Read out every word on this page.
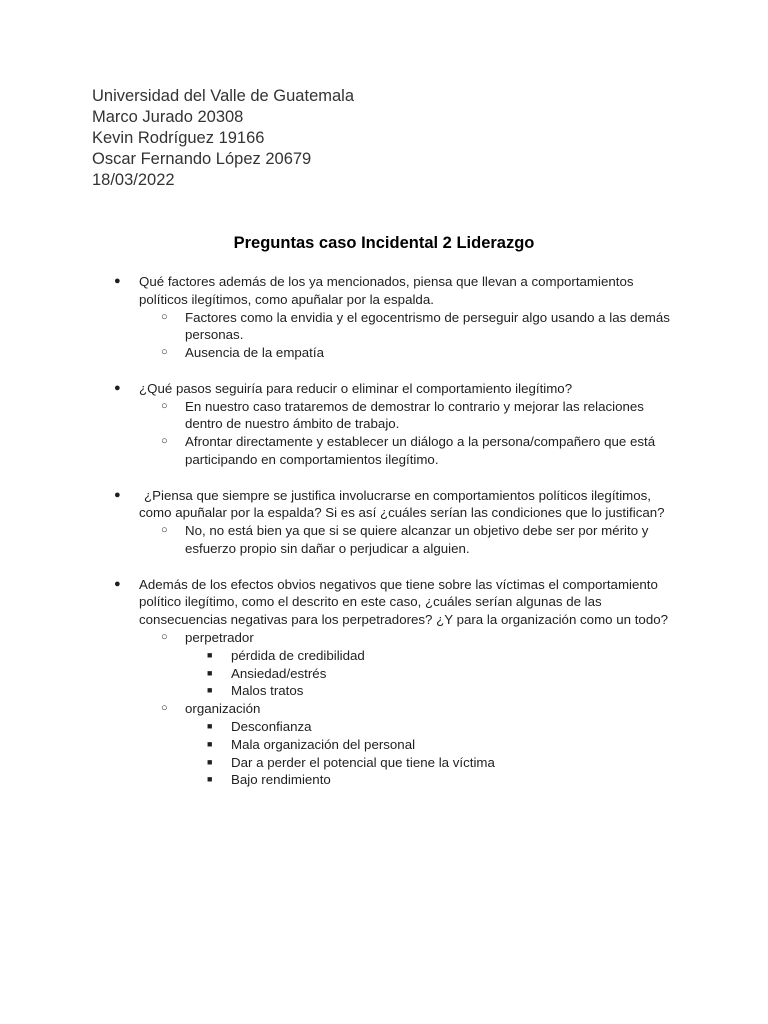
Universidad del Valle de Guatemala
Marco Jurado 20308
Kevin Rodríguez 19166
Oscar Fernando López 20679
18/03/2022
Preguntas caso Incidental 2 Liderazgo
● Qué factores además de los ya mencionados, piensa que llevan a comportamientos políticos ilegítimos, como apuñalar por la espalda.
○ Factores como la envidia y el egocentrismo de perseguir algo usando a las demás personas.
○ Ausencia de la empatía
● ¿Qué pasos seguiría para reducir o eliminar el comportamiento ilegítimo?
○ En nuestro caso trataremos de demostrar lo contrario y mejorar las relaciones dentro de nuestro ámbito de trabajo.
○ Afrontar directamente y establecer un diálogo a la persona/compañero que está participando en comportamientos ilegítimo.
●	¿Piensa que siempre se justifica involucrarse en comportamientos políticos ilegítimos, como apuñalar por la espalda? Si es así ¿cuáles serían las condiciones que lo justifican?
○ No, no está bien ya que si se quiere alcanzar un objetivo debe ser por mérito y esfuerzo propio sin dañar o perjudicar a alguien.
● Además de los efectos obvios negativos que tiene sobre las víctimas el comportamiento político ilegítimo, como el descrito en este caso, ¿cuáles serían algunas de las consecuencias negativas para los perpetradores? ¿Y para la organización como un todo?
○ perpetrador
■ pérdida de credibilidad
■ Ansiedad/estrés
■ Malos tratos
○ organización
■ Desconfianza
■ Mala organización del personal
■ Dar a perder el potencial que tiene la víctima
■ Bajo rendimiento
